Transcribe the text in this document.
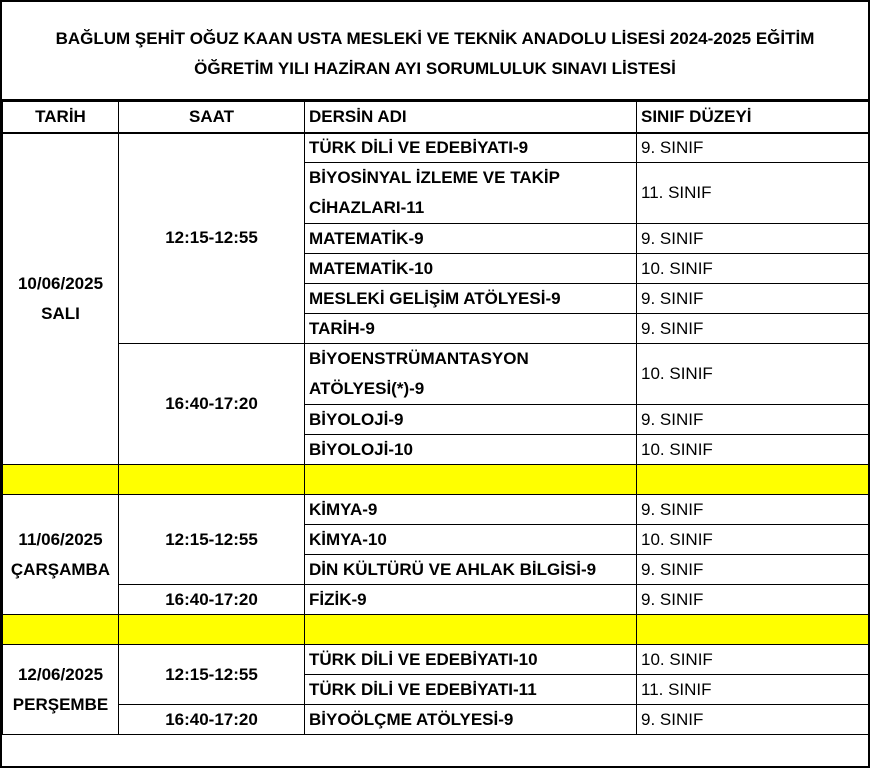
BAĞLUM ŞEHİT OĞUZ KAAN USTA MESLEKİ VE TEKNİK ANADOLU LİSESİ 2024-2025 EĞİTİM
ÖĞRETİM YILI HAZİRAN AYI SORUMLULUK SINAVI LİSTESİ
TARİH	SAAT	DERSİN ADI	SINIF DÜZEYİ

10/06/2025
SALI	12:15-12:55	TÜRK DİLİ VE EDEBİYATI-9	9. SINIF

		BİYOSİNYAL İZLEME VE TAKİP
CİHAZLARI-11	11. SINIF

		MATEMATİK-9	9. SINIF
		MATEMATİK-10	10. SINIF
		MESLEKİ GELİŞİM ATÖLYESİ-9	9. SINIF
		TARİH-9	9. SINIF
	16:40-17:20	BİYOENSTRÜMANTASYON
ATÖLYESİ(*)-9	10. SINIF

		BİYOLOJİ-9	9. SINIF
		BİYOLOJİ-10	10. SINIF

11/06/2025
ÇARŞAMBA	12:15-12:55	KİMYA-9	9. SINIF
		KİMYA-10	10. SINIF
		DİN KÜLTÜRÜ VE AHLAK BİLGİSİ-9	9. SINIF
	16:40-17:20	FİZİK-9	9. SINIF

12/06/2025
PERŞEMBE	12:15-12:55	TÜRK DİLİ VE EDEBİYATI-10	10. SINIF
		TÜRK DİLİ VE EDEBİYATI-11	11. SINIF
	16:40-17:20	BİYOÖLÇME ATÖLYESİ-9	9. SINIF
